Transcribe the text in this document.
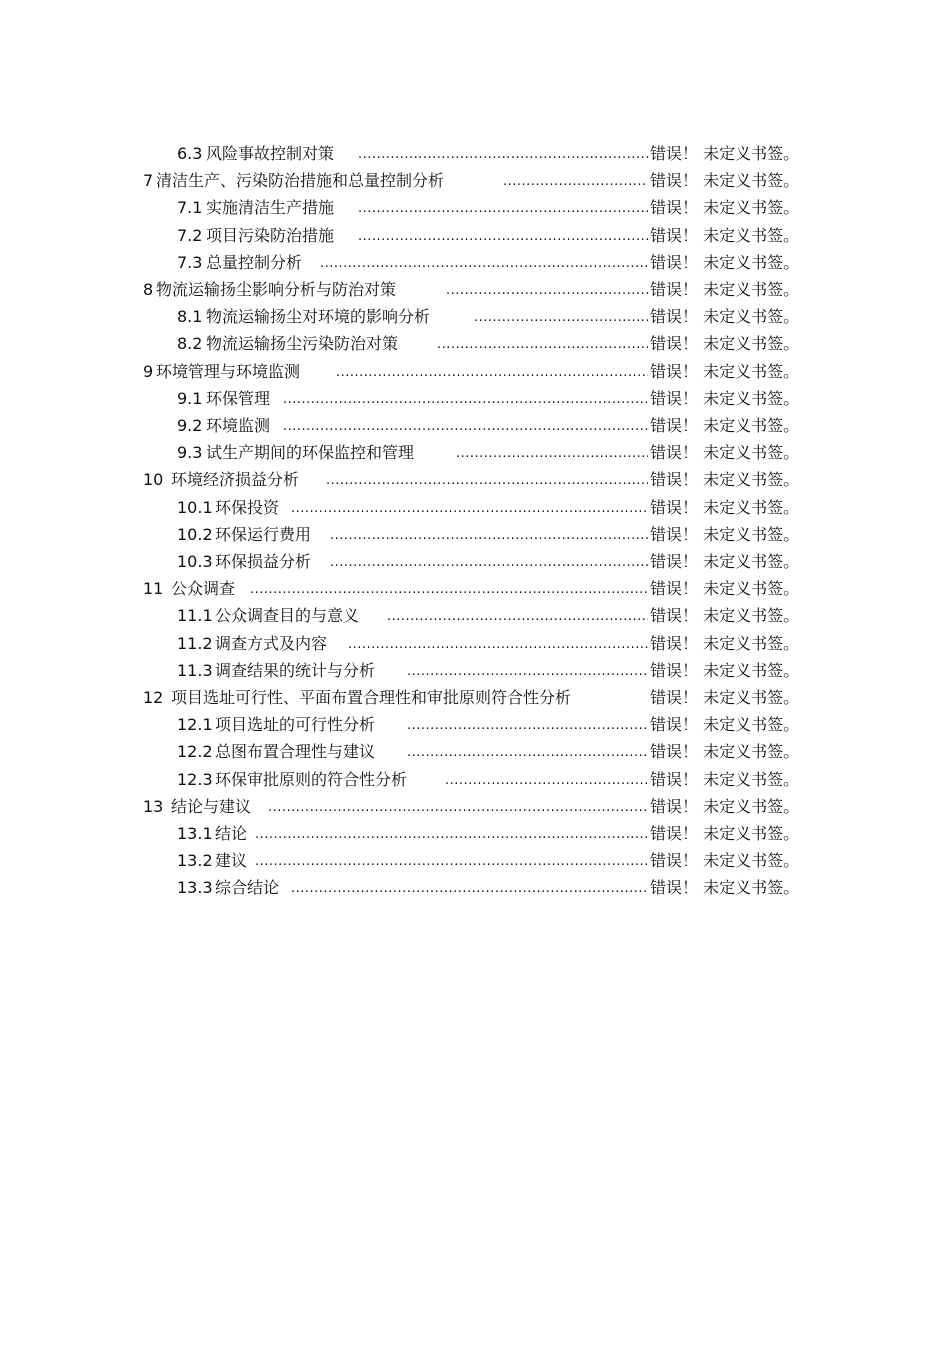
6.3 风险事故控制对策 .....	错误！ 未定义书签。
7 清洁生产、污染防治措施和总量控制分析 .....	错误！ 未定义书签。
7.1 实施清洁生产措施 .....	错误！ 未定义书签。
7.2 项目污染防治措施 .....	错误！ 未定义书签。
7.3 总量控制分析 .....	错误！ 未定义书签。
8 物流运输扬尘影响分析与防治对策 .....	错误！ 未定义书签。
8.1 物流运输扬尘对环境的影响分析 .....	错误！ 未定义书签。
8.2 物流运输扬尘污染防治对策 .....	错误！ 未定义书签。
9 环境管理与环境监测 .....	错误！ 未定义书签。
9.1 环保管理 .....	错误！ 未定义书签。
9.2 环境监测 .....	错误！ 未定义书签。
9.3 试生产期间的环保监控和管理 .....	错误！ 未定义书签。
10 环境经济损益分析 .....	错误！ 未定义书签。
10.1 环保投资 .....	错误！ 未定义书签。
10.2 环保运行费用 .....	错误！ 未定义书签。
10.3 环保损益分析 .....	错误！ 未定义书签。
11 公众调查 .....	错误！ 未定义书签。
11.1 公众调查目的与意义 .....	错误！ 未定义书签。
11.2 调查方式及内容 .....	错误！ 未定义书签。
11.3 调查结果的统计与分析 .....	错误！ 未定义书签。
12 项目选址可行性、平面布置合理性和审批原则符合性分析	错误！ 未定义书签。
12.1 项目选址的可行性分析 .....	错误！ 未定义书签。
12.2 总图布置合理性与建议 .....	错误！ 未定义书签。
12.3 环保审批原则的符合性分析 .....	错误！ 未定义书签。
13 结论与建议 .....	错误！ 未定义书签。
13.1 结论 .....	错误！ 未定义书签。
13.2 建议 .....	错误！ 未定义书签。
13.3 综合结论 .....	错误！ 未定义书签。
